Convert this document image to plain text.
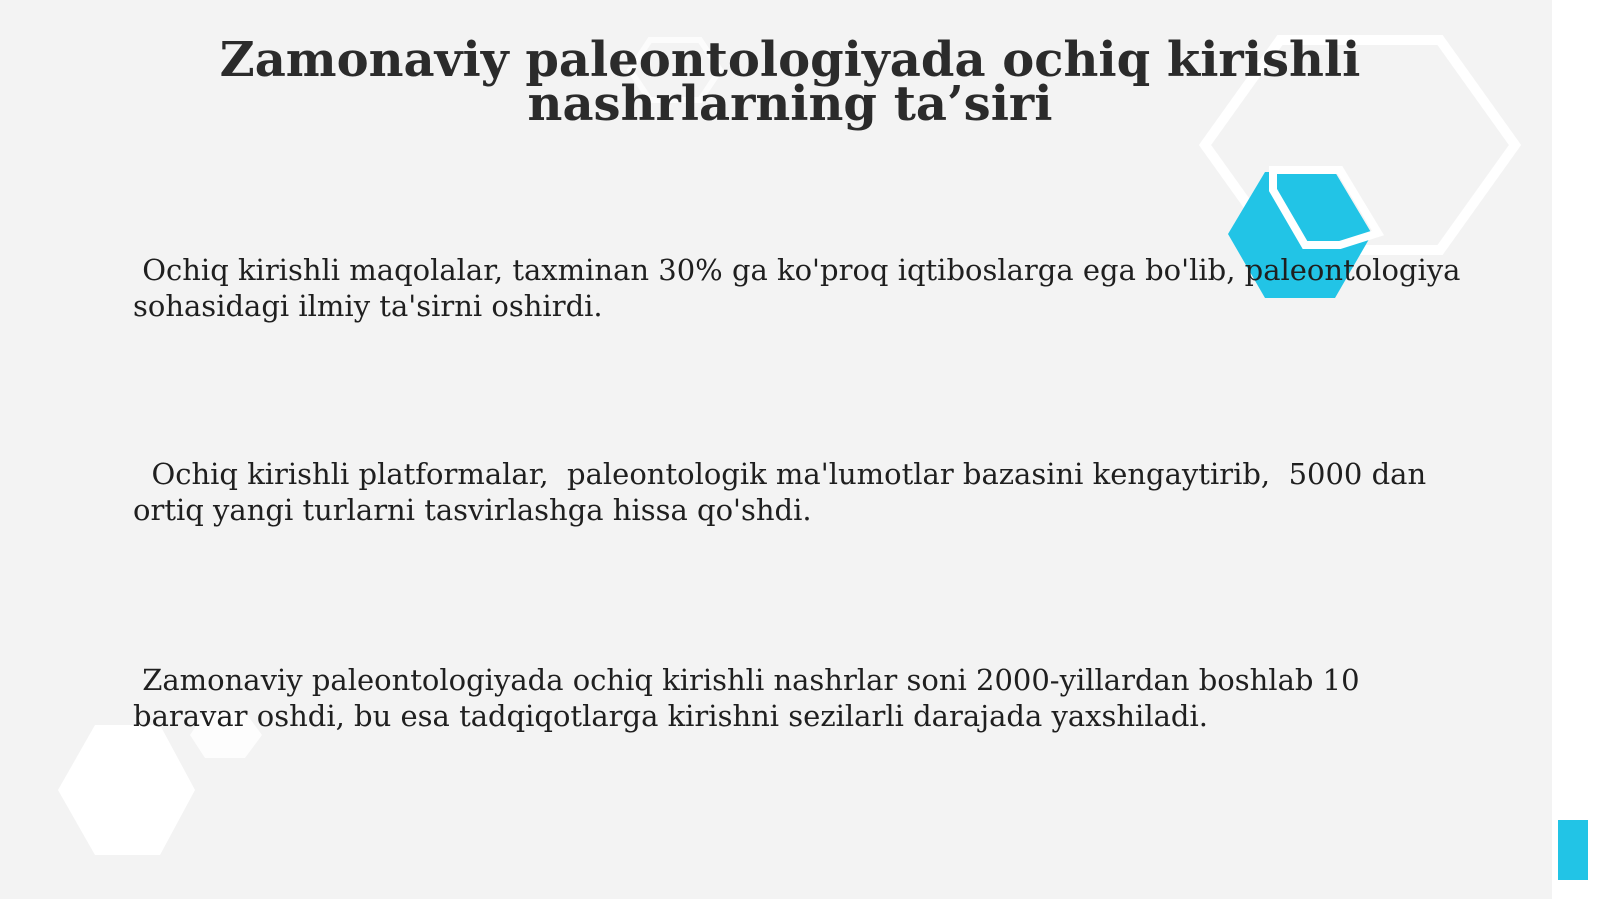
Zamonaviy paleontologiyada ochiq kirishli nashrlarning ta’siri
Ochiq kirishli maqolalar, taxminan 30% ga ko'proq iqtiboslarga ega bo'lib, paleontologiya sohasidagi ilmiy ta'sirni oshirdi.
Ochiq kirishli platformalar,  paleontologik ma'lumotlar bazasini kengaytirib,  5000 dan ortiq yangi turlarni tasvirlashga hissa qo'shdi.
Zamonaviy paleontologiyada ochiq kirishli nashrlar soni 2000-yillardan boshlab 10 baravar oshdi, bu esa tadqiqotlarga kirishni sezilarli darajada yaxshiladi.
